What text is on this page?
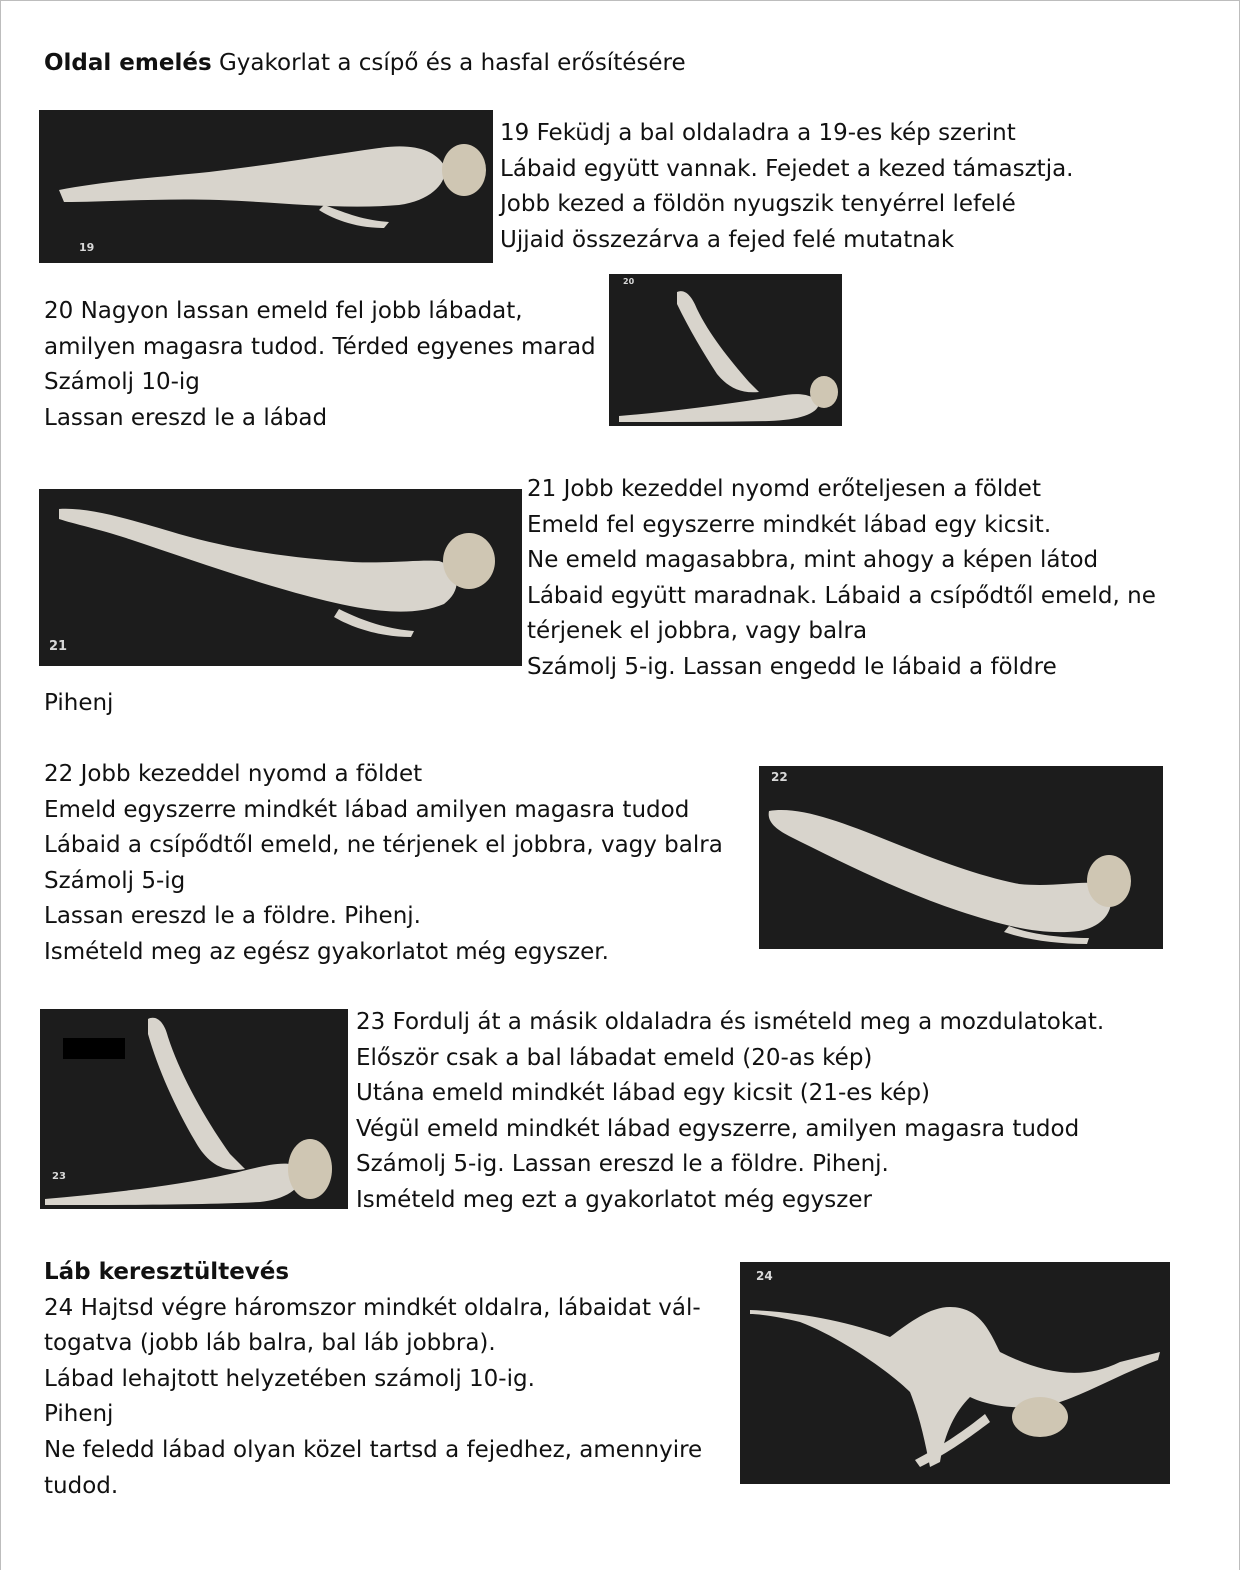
Oldal emelés Gyakorlat a csípő és a hasfal erősítésére
19
19 Feküdj a bal oldaladra a 19-es kép szerint
Lábaid együtt vannak. Fejedet a kezed támasztja.
Jobb kezed a földön nyugszik tenyérrel lefelé
Ujjaid összezárva a fejed felé mutatnak
20 Nagyon lassan emeld fel jobb lábadat,
amilyen magasra tudod. Térded egyenes marad
Számolj 10-ig
Lassan ereszd le a lábad
20
21
21 Jobb kezeddel nyomd erőteljesen a földet
Emeld fel egyszerre mindkét lábad egy kicsit.
Ne emeld magasabbra, mint ahogy a képen látod
Lábaid együtt maradnak. Lábaid a csípődtől emeld, ne
térjenek el jobbra, vagy balra
Számolj 5-ig. Lassan engedd le lábaid a földre
Pihenj
22 Jobb kezeddel nyomd a földet
Emeld egyszerre mindkét lábad amilyen magasra tudod
Lábaid a csípődtől emeld, ne térjenek el jobbra, vagy balra
Számolj 5-ig
Lassan ereszd le a földre. Pihenj.
Ismételd meg az egész gyakorlatot még egyszer.
22
23
23 Fordulj át a másik oldaladra és ismételd meg a mozdulatokat.
Először csak a bal lábadat emeld (20-as kép)
Utána emeld mindkét lábad egy kicsit (21-es kép)
Végül emeld mindkét lábad egyszerre, amilyen magasra tudod
Számolj 5-ig. Lassan ereszd le a földre. Pihenj.
Ismételd meg ezt a gyakorlatot még egyszer
Láb keresztültevés
24 Hajtsd végre háromszor mindkét oldalra, lábaidat vál-
togatva (jobb láb balra, bal láb jobbra).
Lábad lehajtott helyzetében számolj 10-ig.
Pihenj
Ne feledd lábad olyan közel tartsd a fejedhez, amennyire
tudod.
24
